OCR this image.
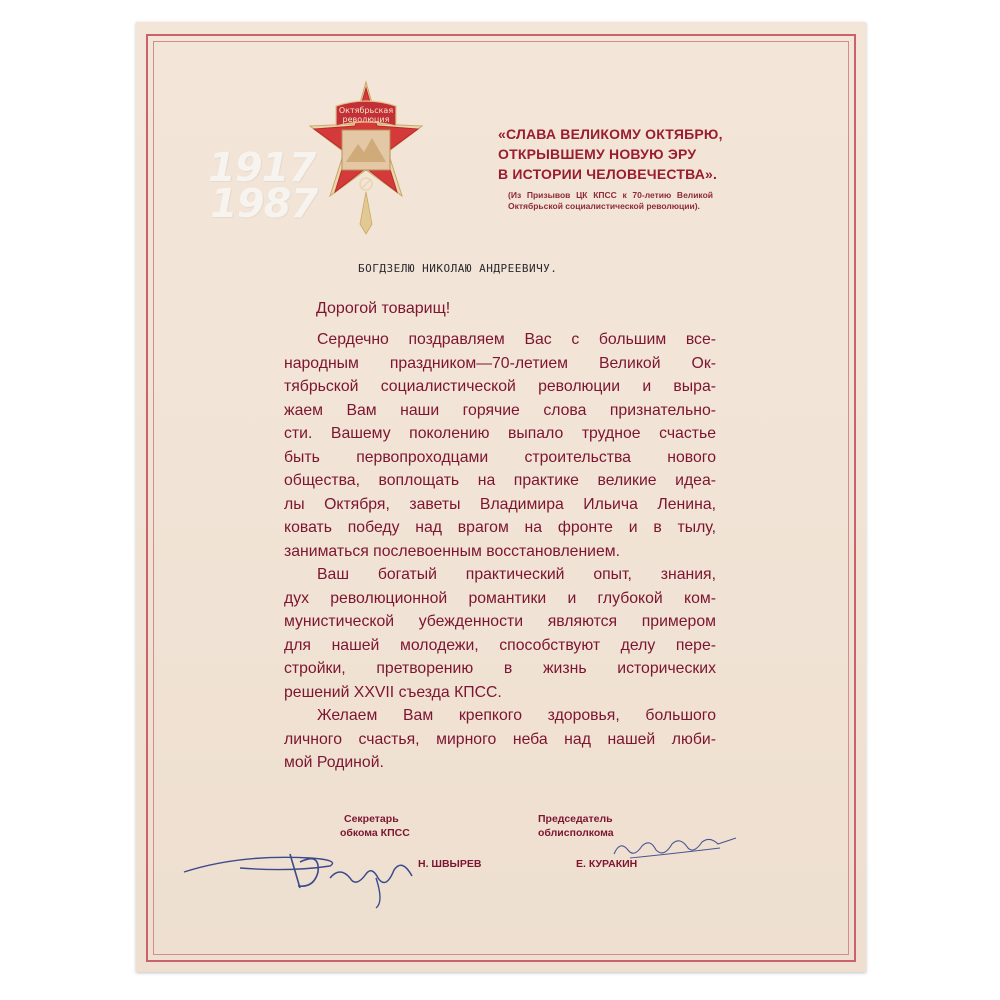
1917
1987
Октябрьская
революция
«СЛАВА ВЕЛИКОМУ ОКТЯБРЮ,
ОТКРЫВШЕМУ НОВУЮ ЭРУ
В ИСТОРИИ ЧЕЛОВЕЧЕСТВА».
(Из Призывов ЦК КПСС к 70-летию Великой Октябрьской социалистической революции).
БОГДЗЕЛЮ НИКОЛАЮ АНДРЕЕВИЧУ.
Дорогой товарищ!
Сердечно поздравляем Вас с большим все-
народным праздником—70-летием Великой Ок-
тябрьской социалистической революции и выра-
жаем Вам наши горячие слова признательно-
сти. Вашему поколению выпало трудное счастье
быть первопроходцами строительства нового
общества, воплощать на практике великие идеа-
лы Октября, заветы Владимира Ильича Ленина,
ковать победу над врагом на фронте и в тылу,
заниматься послевоенным восстановлением.
Ваш богатый практический опыт, знания,
дух революционной романтики и глубокой ком-
мунистической убежденности являются примером
для нашей молодежи, способствуют делу пере-
стройки, претворению в жизнь исторических
решений XXVII съезда КПСС.
Желаем Вам крепкого здоровья, большого
личного счастья, мирного неба над нашей люби-
мой Родиной.
Секретарь
обкома КПСС
Председатель
облисполкома
Н. ШВЫРЕВ	Е. КУРАКИН
